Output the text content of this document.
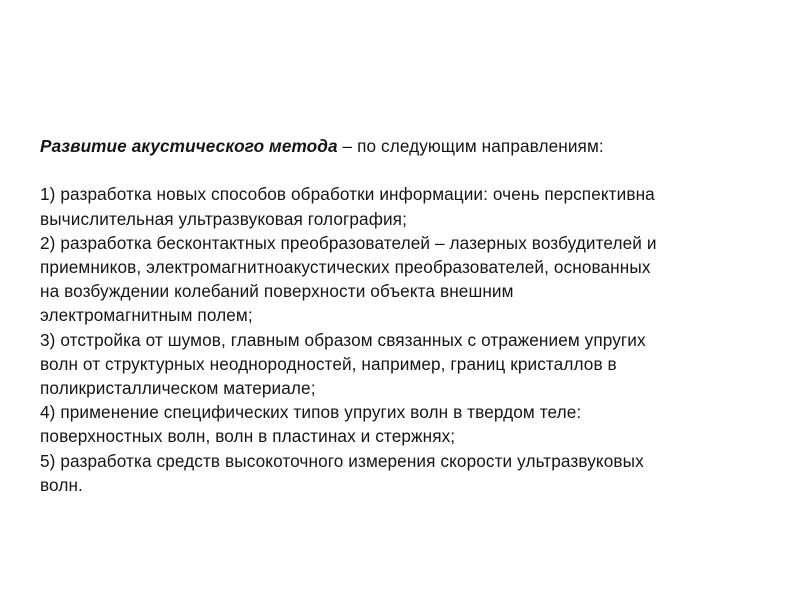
Развитие акустического метода – по следующим направлениям:

1) разработка новых способов обработки информации: очень перспективна
вычислительная ультразвуковая голография;

2) разработка бесконтактных преобразователей – лазерных возбудителей и
приемников, электромагнитноакустических преобразователей, основанных
на возбуждении колебаний поверхности объекта внешним
электромагнитным полем;

3) отстройка от шумов, главным образом связанных с отражением упругих
волн от структурных неоднородностей, например, границ кристаллов в
поликристаллическом материале;

4) применение специфических типов упругих волн в твердом теле:
поверхностных волн, волн в пластинах и стержнях;

5) разработка средств высокоточного измерения скорости ультразвуковых
волн.
